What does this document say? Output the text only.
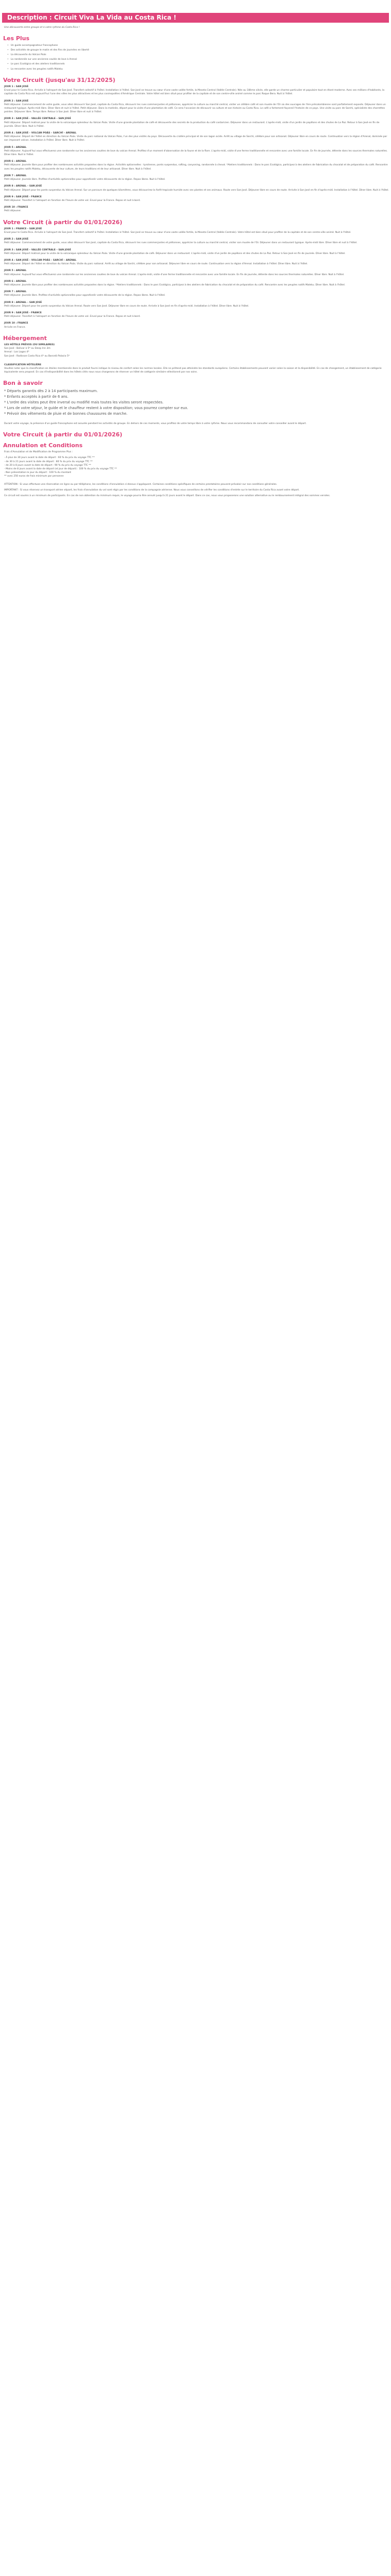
Description : Circuit Viva La Vida au Costa Rica !
Une découverte entre groupe et à votre rythme du Costa Rica !
Les Plus
• Un guide accompagnateur francophone
• Des activités de groupe le matin et des fins de journées en liberté
• La découverte du Volcan Poás
• La randonnée sur une ancienne coulée de lave à Arenal
• Le parc Ecológico et des ateliers traditionnels
• La rencontre avec les peuples natifs Maleku
Votre Circuit (jusqu'au 31/12/2025)
JOUR 1 : SAN JOSÉ
Envol pour le Costa Rica. Arrivée à l'aéroport de San José. Transfert collectif à l'hôtel. Installation à l'hôtel. San José se trouve au cœur d'une vaste vallée fertile, la Meseta Central (Vallée Centrale). Née au 18ème siècle, elle garde un charme particulier et populaire tout en étant moderne. Avec ses millions d'habitants, la capitale du Costa Rica est aujourd'hui l'une des villes les plus attractives et les plus cosmopolites d'Amérique Centrale. Votre hôtel est bien situé pour profiter de la capitale et de son centre-ville animé comme le parc Roque Bera. Nuit à l'hôtel.
JOUR 2 : SAN JOSÉ
Petit déjeuner. Commencement de votre guide, vous allez découvrir San José, capitale du Costa Rica, découvrir les rues commerçantes et piétonnes, apprécier la culture au marché central, visiter un célèbre café et son musée de l'Or où des ouvrages de l'ère précolombienne sont parfaitement exposés. Déjeuner dans un restaurant typique. Après-midi libre. Dîner libre et nuit à l'hôtel. Petit déjeuner. Dans la matinée, départ pour la visite d'une plantation de café. Ce sera l'occasion de découvrir sa culture et son histoire au Costa Rica. Le café a fortement façonné l'histoire de ce pays. Une visite au parc de Sarchí, spécialiste des charrettes peintes. Déjeuner libre. Temps libre. Retour à San José. Dîner libre et nuit à l'hôtel.
JOUR 3 : SAN JOSÉ – VALLÉE CENTRALE – SAN JOSÉ
Petit déjeuner. Départ matinal pour la visite de la volcanique splendeur du Volcan Poás. Visite d'une grande plantation de café et découverte des secrets de la production du café costaricien. Déjeuner dans un restaurant. L'après-midi, visite d'un jardin de papillons et des chutes de La Paz. Retour à San José en fin de journée. Dîner libre. Nuit à l'hôtel.
JOUR 4 : SAN JOSÉ – VOLCAN POÁS – SARCHÍ – ARENAL
Petit déjeuner. Départ de l'hôtel en direction du Volcan Poás. Visite du parc national du Volcan Poás, l'un des plus visités du pays. Découverte du cratère principal et de son lagon acide. Arrêt au village de Sarchí, célèbre pour son artisanat. Déjeuner libre en cours de route. Continuation vers la région d'Arenal, dominée par son imposant volcan. Installation à l'hôtel. Dîner libre. Nuit à l'hôtel.
JOUR 5 : ARENAL
Petit déjeuner. Aujourd'hui vous effectuerez une randonnée sur les anciennes coulées de lave du volcan Arenal. Profitez d'un moment d'observation de la faune et de la flore. L'après-midi, visite d'une ferme traditionnelle et rencontre avec une famille locale. En fin de journée, détente dans les sources thermales naturelles. Dîner libre. Nuit à l'hôtel.
JOUR 6 : ARENAL
Petit déjeuner. Journée libre pour profiter des nombreuses activités proposées dans la région. Activités optionnelles : tyrolienne, ponts suspendus, rafting, canyoning, randonnée à cheval. *Ateliers traditionnels : Dans le parc Ecológico, participez à des ateliers de fabrication du chocolat et de préparation du café. Rencontre avec les peuples natifs Maleku, découverte de leur culture, de leurs traditions et de leur artisanat. Dîner libre. Nuit à l'hôtel.
JOUR 7 : ARENAL
Petit déjeuner. Journée libre. Profitez d'activités optionnelles pour approfondir votre découverte de la région. Repas libres. Nuit à l'hôtel.
JOUR 8 : ARENAL – SAN JOSÉ
Petit déjeuner. Départ pour les ponts suspendus du Volcan Arenal. Sur un parcours de quelques kilomètres, vous découvrirez la forêt tropicale humide avec ses plantes et ses animaux. Route vers San José. Déjeuner libre en cours de route. Arrivée à San José en fin d'après-midi. Installation à l'hôtel. Dîner libre. Nuit à l'hôtel.
JOUR 9 : SAN JOSÉ - FRANCE
Petit déjeuner. Transfert à l'aéroport en fonction de l'heure de votre vol. Envol pour la France. Repas et nuit à bord.
JOUR 10 : FRANCE
Petit déjeuner.
Votre Circuit (à partir du 01/01/2026)
JOUR 1 : FRANCE – SAN JOSÉ
Envol pour le Costa Rica. Arrivée à l'aéroport de San José. Transfert collectif à l'hôtel. Installation à l'hôtel. San José se trouve au cœur d'une vaste vallée fertile, la Meseta Central (Vallée Centrale). Votre hôtel est bien situé pour profiter de la capitale et de son centre-ville animé. Nuit à l'hôtel.
JOUR 2 : SAN JOSÉ
Petit déjeuner. Commencement de votre guide, vous allez découvrir San José, capitale du Costa Rica, découvrir les rues commerçantes et piétonnes, apprécier la culture au marché central, visiter son musée de l'Or. Déjeuner dans un restaurant typique. Après-midi libre. Dîner libre et nuit à l'hôtel.
JOUR 3 : SAN JOSÉ – VALLÉE CENTRALE – SAN JOSÉ
Petit déjeuner. Départ matinal pour la visite de la volcanique splendeur du Volcan Poás. Visite d'une grande plantation de café. Déjeuner dans un restaurant. L'après-midi, visite d'un jardin de papillons et des chutes de La Paz. Retour à San José en fin de journée. Dîner libre. Nuit à l'hôtel.
JOUR 4 : SAN JOSÉ – VOLCAN POÁS – SARCHÍ – ARENAL
Petit déjeuner. Départ de l'hôtel en direction du Volcan Poás. Visite du parc national. Arrêt au village de Sarchí, célèbre pour son artisanat. Déjeuner libre en cours de route. Continuation vers la région d'Arenal. Installation à l'hôtel. Dîner libre. Nuit à l'hôtel.
JOUR 5 : ARENAL
Petit déjeuner. Aujourd'hui vous effectuerez une randonnée sur les anciennes coulées de lave du volcan Arenal. L'après-midi, visite d'une ferme traditionnelle et rencontre avec une famille locale. En fin de journée, détente dans les sources thermales naturelles. Dîner libre. Nuit à l'hôtel.
JOUR 6 : ARENAL
Petit déjeuner. Journée libre pour profiter des nombreuses activités proposées dans la région. *Ateliers traditionnels : Dans le parc Ecológico, participez à des ateliers de fabrication du chocolat et de préparation du café. Rencontre avec les peuples natifs Maleku. Dîner libre. Nuit à l'hôtel.
JOUR 7 : ARENAL
Petit déjeuner. Journée libre. Profitez d'activités optionnelles pour approfondir votre découverte de la région. Repas libres. Nuit à l'hôtel.
JOUR 8 : ARENAL – SAN JOSÉ
Petit déjeuner. Départ pour les ponts suspendus du Volcan Arenal. Route vers San José. Déjeuner libre en cours de route. Arrivée à San José en fin d'après-midi. Installation à l'hôtel. Dîner libre. Nuit à l'hôtel.
JOUR 9 : SAN JOSÉ - FRANCE
Petit déjeuner. Transfert à l'aéroport en fonction de l'heure de votre vol. Envol pour la France. Repas et nuit à bord.
JOUR 10 : FRANCE
Arrivée en France.
Hébergement
LES HÔTELS PRÉVUS (OU SIMILAIRES)
San José : Bolivar à 5* ou Sleep Inn 3m
Arenal : Los Lagos 4*
San José : Radisson Costa Rica 4* ou Barceló Palacio 5*
CLASSIFICATION HÔTELIÈRE
Veuillez noter que la classification en étoiles mentionnée dans le produit fourni indique le niveau de confort selon les normes locales. Elle ne prétend pas atteindre les standards européens. Certains établissements peuvent varier selon la saison et la disponibilité. En cas de changement, un établissement de catégorie équivalente sera proposé. En cas d'indisponibilité dans les hôtels cités nous nous chargerons de réserver un hôtel de catégorie similaire sélectionné par nos soins.
Bon à savoir
* Départs garantis dès 2 à 14 participants maximum.
* Enfants acceptés à partir de 6 ans.
* L'ordre des visites peut être inversé ou modifié mais toutes les visites seront respectées.
* Lors de votre séjour, le guide et le chauffeur restent à votre disposition; vous pourrez compter sur eux.
* Prévoir des vêtements de pluie et de bonnes chaussures de marche.
Durant votre voyage, la présence d'un guide francophone est assurée pendant les activités de groupe. En dehors de ces moments, vous profitez de votre temps libre à votre rythme. Nous vous recommandons de consulter votre conseiller avant le départ.
Votre Circuit (à partir du 01/01/2026)
Annulation et Conditions
Frais d'Annulation et de Modification de Programme Plus :
- À plus de 30 jours avant la date de départ : 60 % du prix du voyage TTC **
- de 30 à 21 jours avant la date de départ : 80 % du prix du voyage TTC **
- de 20 à 8 jours avant la date de départ : 90 % du prix du voyage TTC **
- Moins de 8 jours avant la date de départ (et jour de départ) : 100 % du prix du voyage TTC **
- Non présentation le jour du départ : 100 % du montant
** avec 250 euros de frais minimum par personne
ATTENTION : Si vous effectuez une réservation en ligne ou par téléphone, les conditions d'annulation ci-dessus s'appliquent. Certaines conditions spécifiques de certains prestataires peuvent prévaloir sur nos conditions générales.
IMPORTANT : Si vous réservez un transport aérien séparé, les frais d'annulation du vol sont régis par les conditions de la compagnie aérienne. Nous vous conseillons de vérifier les conditions d'entrée sur le territoire du Costa Rica avant votre départ.
Ce circuit est soumis à un minimum de participants. En cas de non obtention du minimum requis, le voyage pourra être annulé jusqu'à 21 jours avant le départ. Dans ce cas, nous vous proposerons une solution alternative ou le remboursement intégral des sommes versées.
